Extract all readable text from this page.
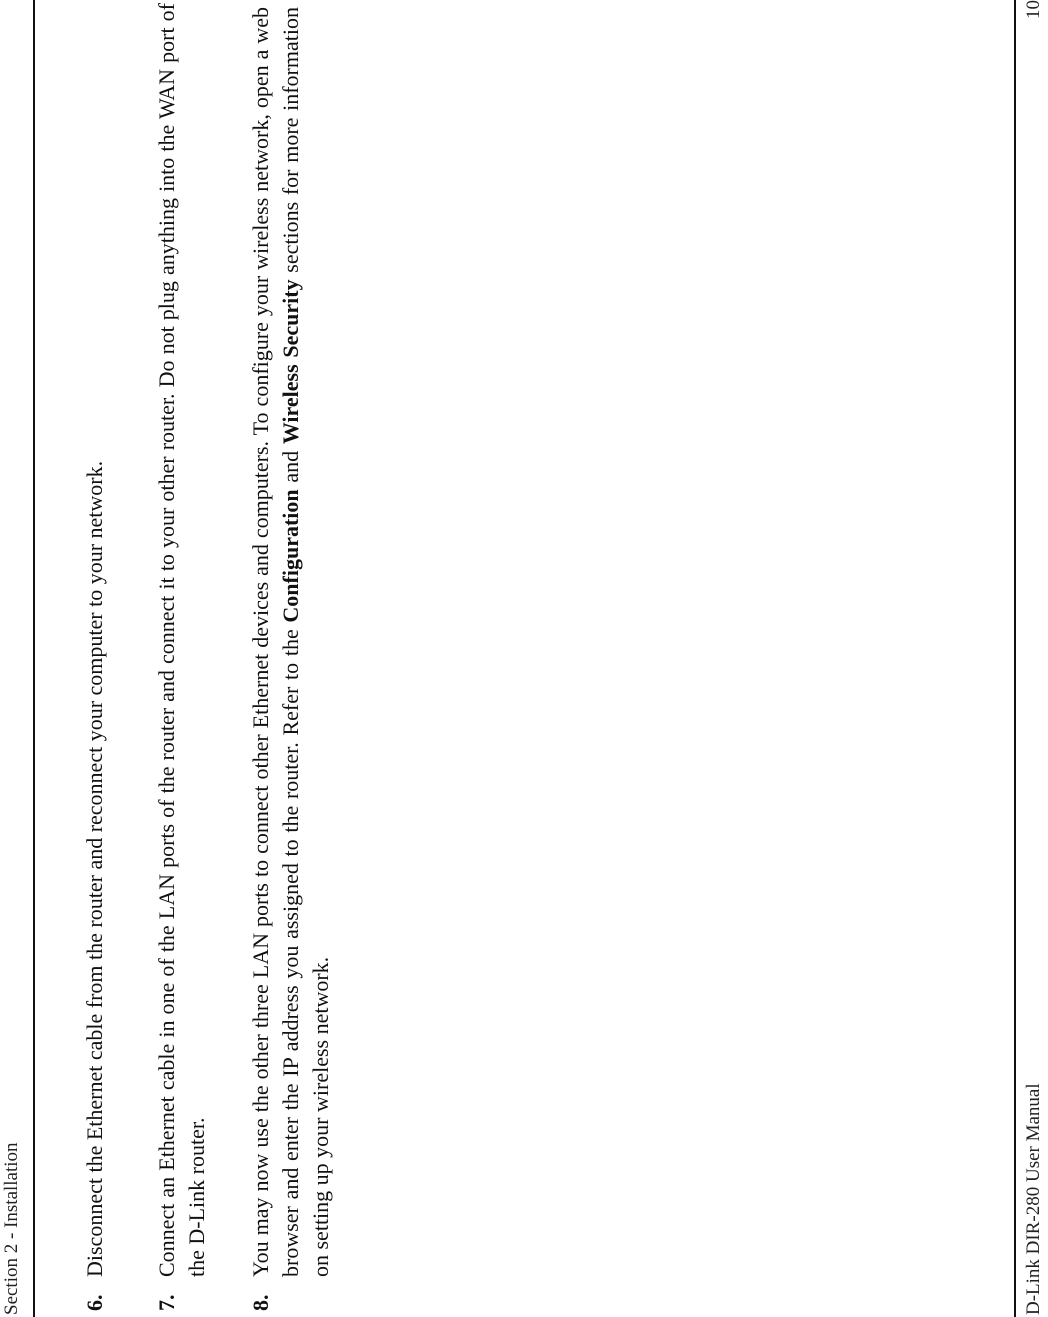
Section 2 - Installation	6.
Disconnect the Ethernet cable from the router and reconnect your computer to your network.
7.
Connect an Ethernet cable in one of the LAN ports of the router and connect it to your other router. Do not plug anything into the WAN port of the D-Link router.
8.
You may now use the other three LAN ports to connect other Ethernet devices and computers. To configure your wireless network, open a web browser and enter the IP address you assigned to the router. Refer to the Configuration and Wireless Security sections for more information on setting up your wireless network.	D-Link DIR-280 User Manual
10
